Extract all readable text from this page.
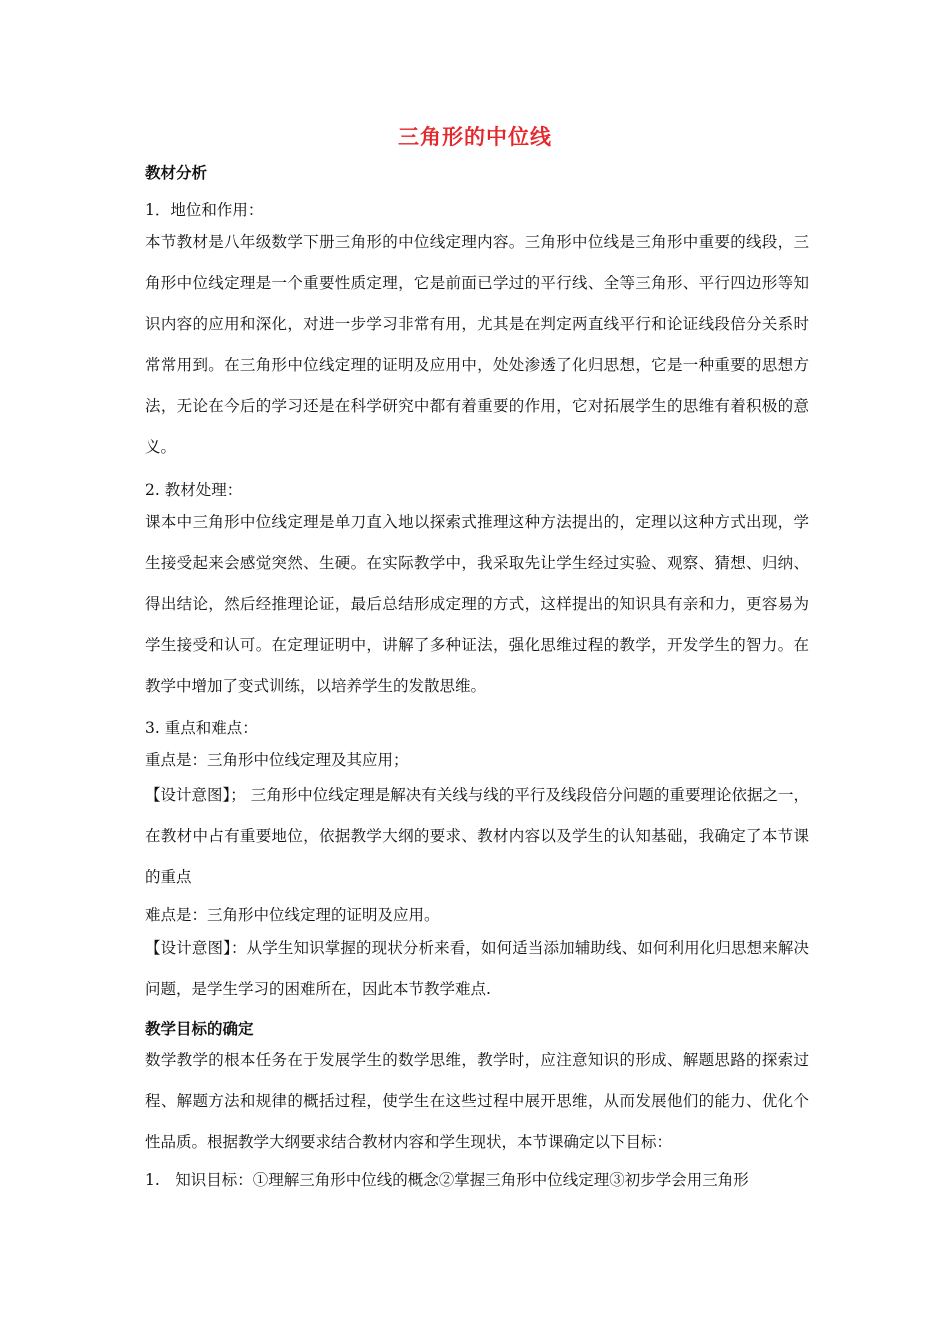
三角形的中位线
教材分析
1．地位和作用：
本节教材是八年级数学下册三角形的中位线定理内容。三角形中位线是三角形中重要的线段，三角形中位线定理是一个重要性质定理，它是前面已学过的平行线、全等三角形、平行四边形等知识内容的应用和深化，对进一步学习非常有用，尤其是在判定两直线平行和论证线段倍分关系时常常用到。在三角形中位线定理的证明及应用中，处处渗透了化归思想，它是一种重要的思想方法，无论在今后的学习还是在科学研究中都有着重要的作用，它对拓展学生的思维有着积极的意义。
2. 教材处理：
课本中三角形中位线定理是单刀直入地以探索式推理这种方法提出的，定理以这种方式出现，学生接受起来会感觉突然、生硬。在实际教学中，我采取先让学生经过实验、观察、猜想、归纳、得出结论，然后经推理论证，最后总结形成定理的方式，这样提出的知识具有亲和力，更容易为学生接受和认可。在定理证明中，讲解了多种证法，强化思维过程的教学，开发学生的智力。在教学中增加了变式训练，以培养学生的发散思维。
3. 重点和难点：
重点是：三角形中位线定理及其应用；
【设计意图】； 三角形中位线定理是解决有关线与线的平行及线段倍分问题的重要理论依据之一，在教材中占有重要地位，依据教学大纲的要求、教材内容以及学生的认知基础，我确定了本节课的重点
难点是：三角形中位线定理的证明及应用。
【设计意图】：从学生知识掌握的现状分析来看，如何适当添加辅助线、如何利用化归思想来解决问题，是学生学习的困难所在，因此本节教学难点.
教学目标的确定
数学教学的根本任务在于发展学生的数学思维，教学时，应注意知识的形成、解题思路的探索过程、解题方法和规律的概括过程，使学生在这些过程中展开思维，从而发展他们的能力、优化个性品质。根据教学大纲要求结合教材内容和学生现状，本节课确定以下目标：
1.　知识目标：①理解三角形中位线的概念②掌握三角形中位线定理③初步学会用三角形
